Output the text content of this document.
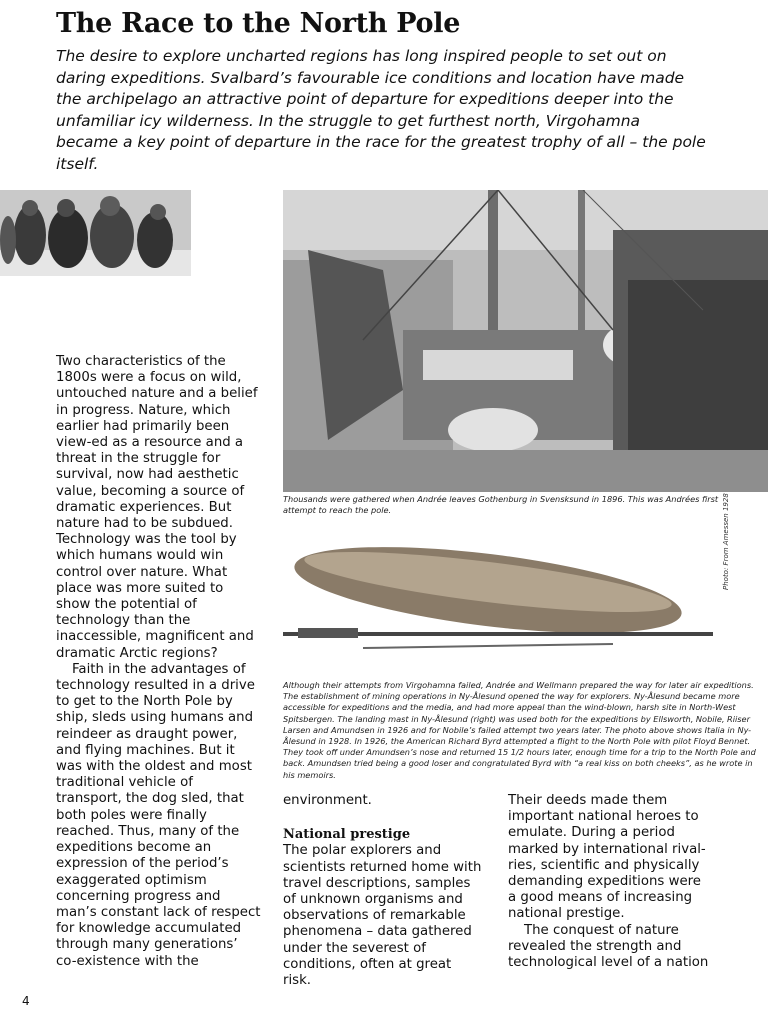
The Race to the North Pole

The desire to explore uncharted regions has long inspired people to set out on daring expeditions. Svalbard’s favourable ice conditions and location have made the archipelago an attractive point of departure for expeditions deeper into the unfamiliar icy wilderness. In the struggle to get furthest north, Virgohamna became a key point of departure in the race for the greatest trophy of all – the pole itself.

Thousands were gathered when Andrée leaves Gothenburg in Svensksund in 1896. This was Andrées first attempt to reach the pole.	Photo: From Amessen 1928

Although their attempts from Virgohamna failed, Andrée and Wellmann prepared the way for later air expeditions. The establishment of mining operations in Ny-Ålesund opened the way for explorers. Ny-Ålesund became more accessible for expeditions and the media, and had more appeal than the wind-blown, harsh site in North-West Spitsbergen. The landing mast in Ny-Ålesund (right) was used both for the expeditions by Ellsworth, Nobile, Riiser Larsen and Amundsen in 1926 and for Nobile’s failed attempt two years later. The photo above shows Italia in Ny-Ålesund in 1928. In 1926, the American Richard Byrd attempted a flight to the North Pole with pilot Floyd Bennet. They took off under Amundsen’s nose and returned 15 1/2 hours later, enough time for a trip to the North Pole and back. Amundsen tried being a good loser and congratulated Byrd with “a real kiss on both cheeks”, as he wrote in his memoirs.

Two characteristics of the 1800s were a focus on wild, untouched nature and a belief in progress. Nature, which earlier had primarily been view-ed as a resource and a threat in the struggle for survival, now had aesthetic value, becoming a source of dramatic experiences. But nature had to be subdued. Technology was the tool by which humans would win control over nature. What place was more suited to show the potential of technology than the inaccessible, magnificent and dramatic Arctic regions?

Faith in the advantages of technology resulted in a drive to get to the North Pole by ship, sleds using humans and reindeer as draught power, and flying machines. But it was with the oldest and most traditional vehicle of transport, the dog sled, that both poles were finally reached. Thus, many of the expeditions become an expression of the period’s exaggerated optimism concerning progress and man’s constant lack of respect for knowledge accumulated through many generations’ co-existence with the

environment.

National prestige

The polar explorers and scientists returned home with travel descriptions, samples of unknown organisms and observations of remarkable phenomena – data gathered under the severest of conditions, often at great risk.

Their deeds made them important national heroes to emulate. During a period marked by international rival-ries, scientific and physically demanding expeditions were a good means of increasing national prestige.

The conquest of nature revealed the strength and technological level of a nation

4
